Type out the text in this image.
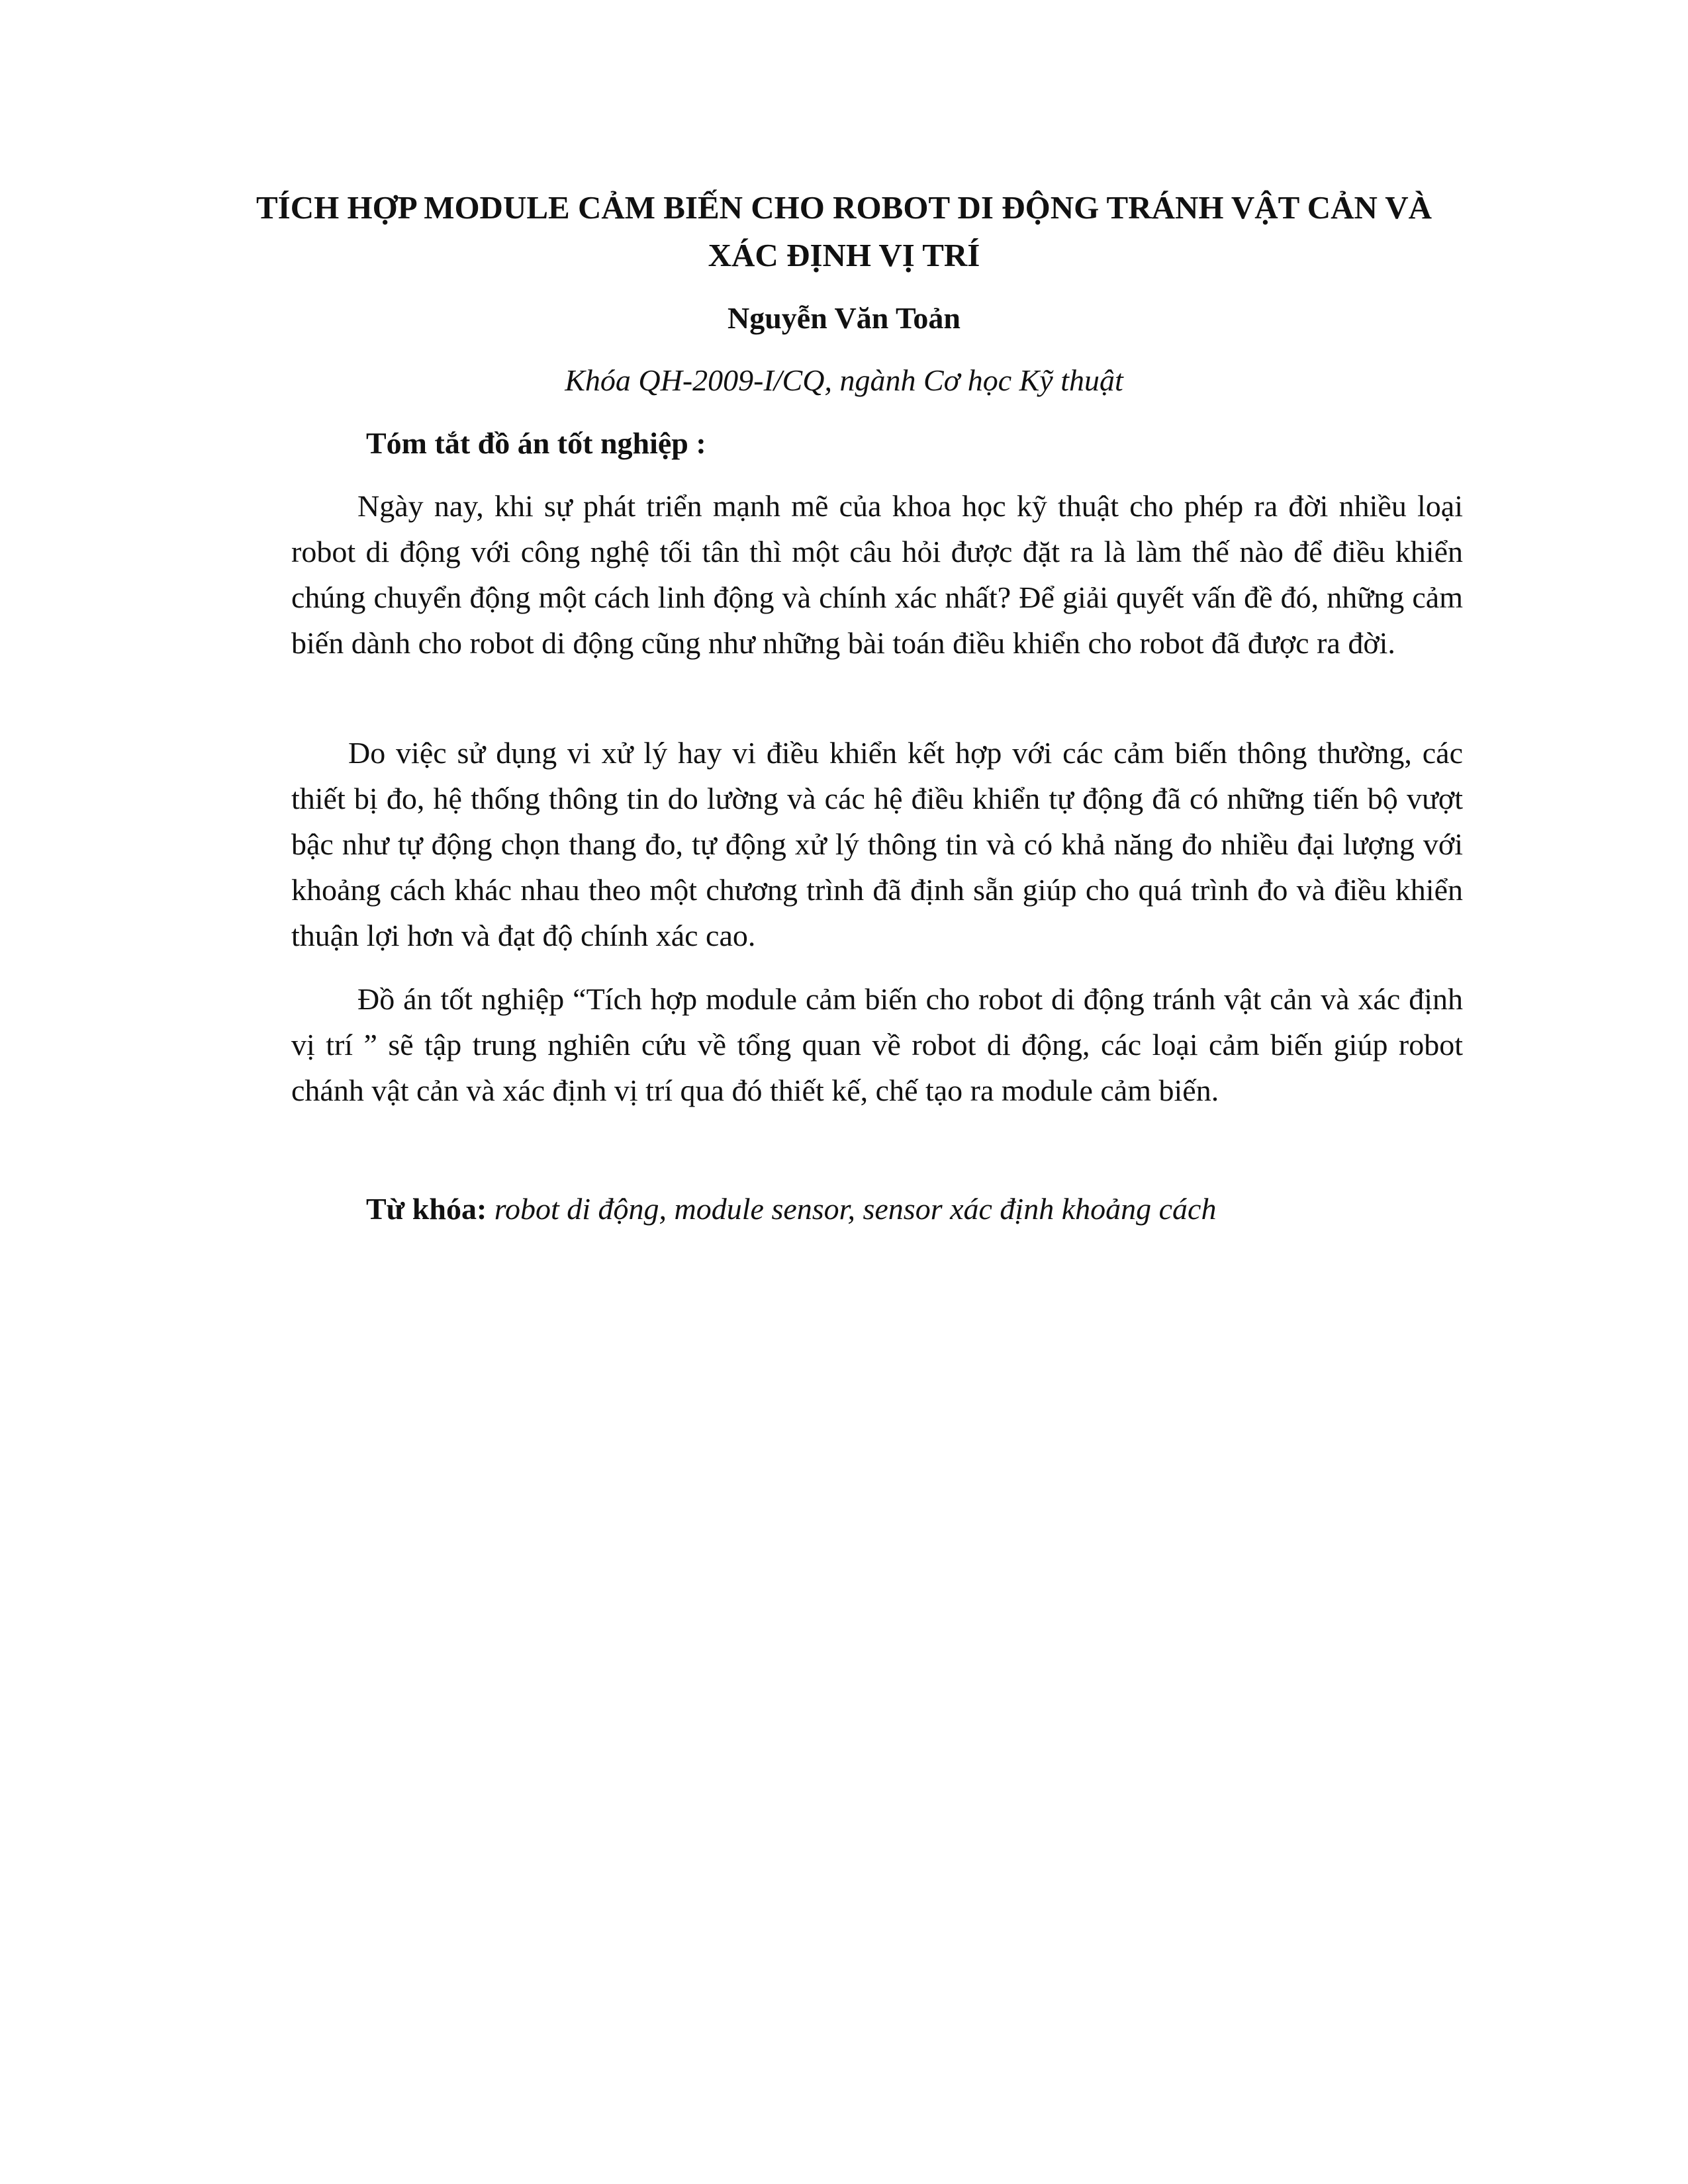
TÍCH HỢP MODULE CẢM BIẾN CHO ROBOT DI ĐỘNG TRÁNH VẬT CẢN VÀ XÁC ĐỊNH VỊ TRÍ

Nguyễn Văn Toản

Khóa QH-2009-I/CQ, ngành Cơ học Kỹ thuật

Tóm tắt đồ án tốt nghiệp :

Ngày nay, khi sự phát triển mạnh mẽ của khoa học kỹ thuật cho phép ra đời nhiều loại robot di động với công nghệ tối tân thì một câu hỏi được đặt ra là làm thế nào để điều khiển chúng chuyển động một cách linh động và chính xác nhất? Để giải quyết vấn đề đó, những cảm biến dành cho robot di động cũng như những bài toán điều khiển cho robot đã được ra đời.

Do việc sử dụng vi xử lý hay vi điều khiển kết hợp với các cảm biến thông thường, các thiết bị đo, hệ thống thông tin do lường và các hệ điều khiển tự động đã có những tiến bộ vượt bậc như tự động chọn thang đo, tự động xử lý thông tin và có khả năng đo nhiều đại lượng với khoảng cách khác nhau theo một chương trình đã định sẵn giúp cho quá trình đo và điều khiển thuận lợi hơn và đạt độ chính xác cao.

Đồ án tốt nghiệp “Tích hợp module cảm biến cho robot di động tránh vật cản và xác định vị trí ” sẽ tập trung nghiên cứu về tổng quan về robot di động, các loại cảm biến giúp robot chánh vật cản và xác định vị trí qua đó thiết kế, chế tạo ra module cảm biến.

Từ khóa: robot di động, module sensor, sensor xác định khoảng cách
